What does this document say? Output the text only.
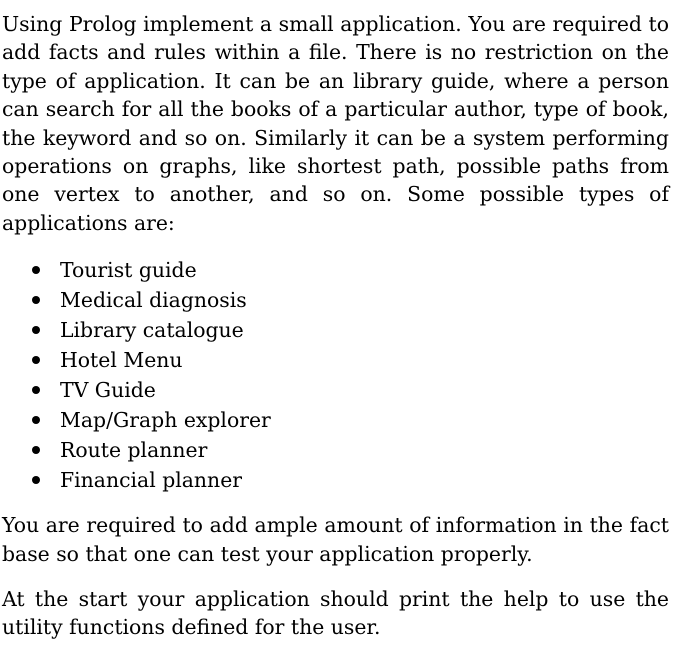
Using Prolog implement a small application. You are required to add facts and rules within a file. There is no restriction on the type of application. It can be an library guide, where a person can search for all the books of a particular author, type of book, the keyword and so on. Similarly it can be a system performing operations on graphs, like shortest path, possible paths from one vertex to another, and so on. Some possible types of applications are:

Tourist guide
Medical diagnosis
Library catalogue
Hotel Menu
TV Guide
Map/Graph explorer
Route planner
Financial planner

You are required to add ample amount of information in the fact base so that one can test your application properly.

At the start your application should print the help to use the utility functions defined for the user.
